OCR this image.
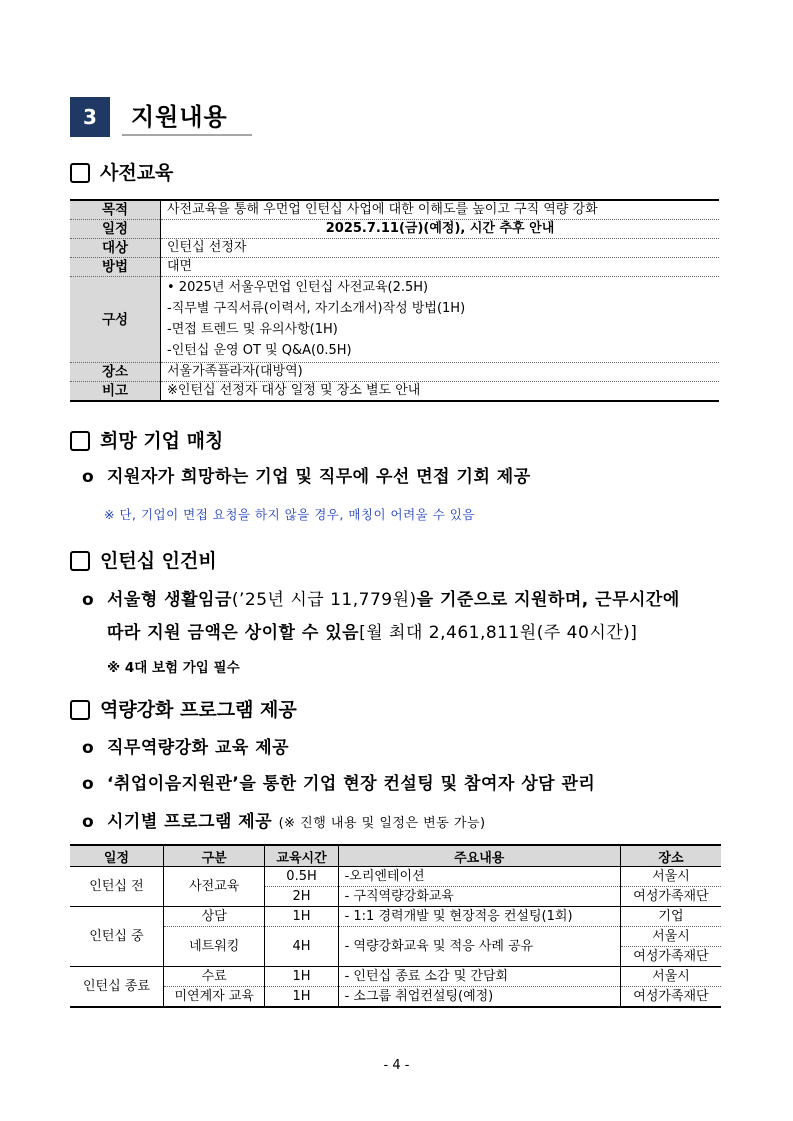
3	지원내용
사전교육
목적	사전교육을 통해 우먼업 인턴십 사업에 대한 이해도를 높이고 구직 역량 강화
일정	2025.7.11(금)(예정), 시간 추후 안내
대상	인턴십 선정자
방법	대면
구성	• 2025년 서울우먼업 인턴십 사전교육(2.5H)
-직무별 구직서류(이력서, 자기소개서)작성 방법(1H)
-면접 트렌드 및 유의사항(1H)
-인턴십 운영 OT 및 Q&A(0.5H)

장소	서울가족플라자(대방역)
비고	※인턴십 선정자 대상 일정 및 장소 별도 안내
희망 기업 매칭
ο 지원자가 희망하는 기업 및 직무에 우선 면접 기회 제공
※ 단, 기업이 면접 요청을 하지 않을 경우, 매칭이 어려울 수 있음
인턴십 인건비
ο 서울형 생활임금(’25년 시급 11,779원)을 기준으로 지원하며, 근무시간에
따라 지원 금액은 상이할 수 있음[월 최대 2,461,811원(주 40시간)]
※ 4대 보험 가입 필수
역량강화 프로그램 제공
ο 직무역량강화 교육 제공
ο ‘취업이음지원관’을 통한 기업 현장 컨설팅 및 참여자 상담 관리
ο 시기별 프로그램 제공 (※ 진행 내용 및 일정은 변동 가능)
일정	구분	교육시간	주요내용	장소
인턴십 전	사전교육	0.5H	-오리엔테이션	서울시
		2H	- 구직역량강화교육	여성가족재단
인턴십 중	상담	1H	- 1:1 경력개발 및 현장적응 컨설팅(1회)	기업
	네트워킹	4H	- 역량강화교육 및 적응 사례 공유	서울시
				여성가족재단
인턴십 종료	수료	1H	- 인턴십 종료 소감 및 간담회	서울시
	미연계자 교육	1H	- 소그룹 취업컨설팅(예정)	여성가족재단
- 4 -
